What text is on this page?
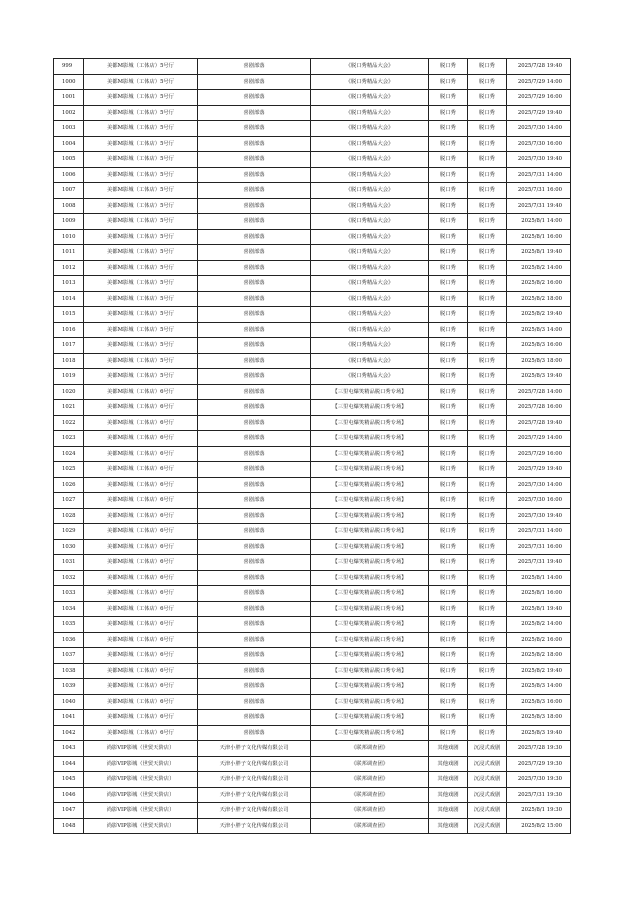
999	美都M影城（工体店）5号厅	喜剧部落	《脱口秀精品大会》	脱口秀	脱口秀	2025/7/28 19:40
1000	美都M影城（工体店）5号厅	喜剧部落	《脱口秀精品大会》	脱口秀	脱口秀	2025/7/29 14:00
1001	美都M影城（工体店）5号厅	喜剧部落	《脱口秀精品大会》	脱口秀	脱口秀	2025/7/29 16:00
1002	美都M影城（工体店）5号厅	喜剧部落	《脱口秀精品大会》	脱口秀	脱口秀	2025/7/29 19:40
1003	美都M影城（工体店）5号厅	喜剧部落	《脱口秀精品大会》	脱口秀	脱口秀	2025/7/30 14:00
1004	美都M影城（工体店）5号厅	喜剧部落	《脱口秀精品大会》	脱口秀	脱口秀	2025/7/30 16:00
1005	美都M影城（工体店）5号厅	喜剧部落	《脱口秀精品大会》	脱口秀	脱口秀	2025/7/30 19:40
1006	美都M影城（工体店）5号厅	喜剧部落	《脱口秀精品大会》	脱口秀	脱口秀	2025/7/31 14:00
1007	美都M影城（工体店）5号厅	喜剧部落	《脱口秀精品大会》	脱口秀	脱口秀	2025/7/31 16:00
1008	美都M影城（工体店）5号厅	喜剧部落	《脱口秀精品大会》	脱口秀	脱口秀	2025/7/31 19:40
1009	美都M影城（工体店）5号厅	喜剧部落	《脱口秀精品大会》	脱口秀	脱口秀	2025/8/1 14:00
1010	美都M影城（工体店）5号厅	喜剧部落	《脱口秀精品大会》	脱口秀	脱口秀	2025/8/1 16:00
1011	美都M影城（工体店）5号厅	喜剧部落	《脱口秀精品大会》	脱口秀	脱口秀	2025/8/1 19:40
1012	美都M影城（工体店）5号厅	喜剧部落	《脱口秀精品大会》	脱口秀	脱口秀	2025/8/2 14:00
1013	美都M影城（工体店）5号厅	喜剧部落	《脱口秀精品大会》	脱口秀	脱口秀	2025/8/2 16:00
1014	美都M影城（工体店）5号厅	喜剧部落	《脱口秀精品大会》	脱口秀	脱口秀	2025/8/2 18:00
1015	美都M影城（工体店）5号厅	喜剧部落	《脱口秀精品大会》	脱口秀	脱口秀	2025/8/2 19:40
1016	美都M影城（工体店）5号厅	喜剧部落	《脱口秀精品大会》	脱口秀	脱口秀	2025/8/3 14:00
1017	美都M影城（工体店）5号厅	喜剧部落	《脱口秀精品大会》	脱口秀	脱口秀	2025/8/3 16:00
1018	美都M影城（工体店）5号厅	喜剧部落	《脱口秀精品大会》	脱口秀	脱口秀	2025/8/3 18:00
1019	美都M影城（工体店）5号厅	喜剧部落	《脱口秀精品大会》	脱口秀	脱口秀	2025/8/3 19:40
1020	美都M影城（工体店）6号厅	喜剧部落	【三里屯爆笑精品脱口秀专场】	脱口秀	脱口秀	2025/7/28 14:00
1021	美都M影城（工体店）6号厅	喜剧部落	【三里屯爆笑精品脱口秀专场】	脱口秀	脱口秀	2025/7/28 16:00
1022	美都M影城（工体店）6号厅	喜剧部落	【三里屯爆笑精品脱口秀专场】	脱口秀	脱口秀	2025/7/28 19:40
1023	美都M影城（工体店）6号厅	喜剧部落	【三里屯爆笑精品脱口秀专场】	脱口秀	脱口秀	2025/7/29 14:00
1024	美都M影城（工体店）6号厅	喜剧部落	【三里屯爆笑精品脱口秀专场】	脱口秀	脱口秀	2025/7/29 16:00
1025	美都M影城（工体店）6号厅	喜剧部落	【三里屯爆笑精品脱口秀专场】	脱口秀	脱口秀	2025/7/29 19:40
1026	美都M影城（工体店）6号厅	喜剧部落	【三里屯爆笑精品脱口秀专场】	脱口秀	脱口秀	2025/7/30 14:00
1027	美都M影城（工体店）6号厅	喜剧部落	【三里屯爆笑精品脱口秀专场】	脱口秀	脱口秀	2025/7/30 16:00
1028	美都M影城（工体店）6号厅	喜剧部落	【三里屯爆笑精品脱口秀专场】	脱口秀	脱口秀	2025/7/30 19:40
1029	美都M影城（工体店）6号厅	喜剧部落	【三里屯爆笑精品脱口秀专场】	脱口秀	脱口秀	2025/7/31 14:00
1030	美都M影城（工体店）6号厅	喜剧部落	【三里屯爆笑精品脱口秀专场】	脱口秀	脱口秀	2025/7/31 16:00
1031	美都M影城（工体店）6号厅	喜剧部落	【三里屯爆笑精品脱口秀专场】	脱口秀	脱口秀	2025/7/31 19:40
1032	美都M影城（工体店）6号厅	喜剧部落	【三里屯爆笑精品脱口秀专场】	脱口秀	脱口秀	2025/8/1 14:00
1033	美都M影城（工体店）6号厅	喜剧部落	【三里屯爆笑精品脱口秀专场】	脱口秀	脱口秀	2025/8/1 16:00
1034	美都M影城（工体店）6号厅	喜剧部落	【三里屯爆笑精品脱口秀专场】	脱口秀	脱口秀	2025/8/1 19:40
1035	美都M影城（工体店）6号厅	喜剧部落	【三里屯爆笑精品脱口秀专场】	脱口秀	脱口秀	2025/8/2 14:00
1036	美都M影城（工体店）6号厅	喜剧部落	【三里屯爆笑精品脱口秀专场】	脱口秀	脱口秀	2025/8/2 16:00
1037	美都M影城（工体店）6号厅	喜剧部落	【三里屯爆笑精品脱口秀专场】	脱口秀	脱口秀	2025/8/2 18:00
1038	美都M影城（工体店）6号厅	喜剧部落	【三里屯爆笑精品脱口秀专场】	脱口秀	脱口秀	2025/8/2 19:40
1039	美都M影城（工体店）6号厅	喜剧部落	【三里屯爆笑精品脱口秀专场】	脱口秀	脱口秀	2025/8/3 14:00
1040	美都M影城（工体店）6号厅	喜剧部落	【三里屯爆笑精品脱口秀专场】	脱口秀	脱口秀	2025/8/3 16:00
1041	美都M影城（工体店）6号厅	喜剧部落	【三里屯爆笑精品脱口秀专场】	脱口秀	脱口秀	2025/8/3 18:00
1042	美都M影城（工体店）6号厅	喜剧部落	【三里屯爆笑精品脱口秀专场】	脱口秀	脱口秀	2025/8/3 19:40
1043	尚影VIP影城（世贸天阶店）	天津小胖子文化传媒有限公司	《联邦调查团》	其他戏剧	沉浸式戏剧	2025/7/28 19:30
1044	尚影VIP影城（世贸天阶店）	天津小胖子文化传媒有限公司	《联邦调查团》	其他戏剧	沉浸式戏剧	2025/7/29 19:30
1045	尚影VIP影城（世贸天阶店）	天津小胖子文化传媒有限公司	《联邦调查团》	其他戏剧	沉浸式戏剧	2025/7/30 19:30
1046	尚影VIP影城（世贸天阶店）	天津小胖子文化传媒有限公司	《联邦调查团》	其他戏剧	沉浸式戏剧	2025/7/31 19:30
1047	尚影VIP影城（世贸天阶店）	天津小胖子文化传媒有限公司	《联邦调查团》	其他戏剧	沉浸式戏剧	2025/8/1 19:30
1048	尚影VIP影城（世贸天阶店）	天津小胖子文化传媒有限公司	《联邦调查团》	其他戏剧	沉浸式戏剧	2025/8/2 15:00
